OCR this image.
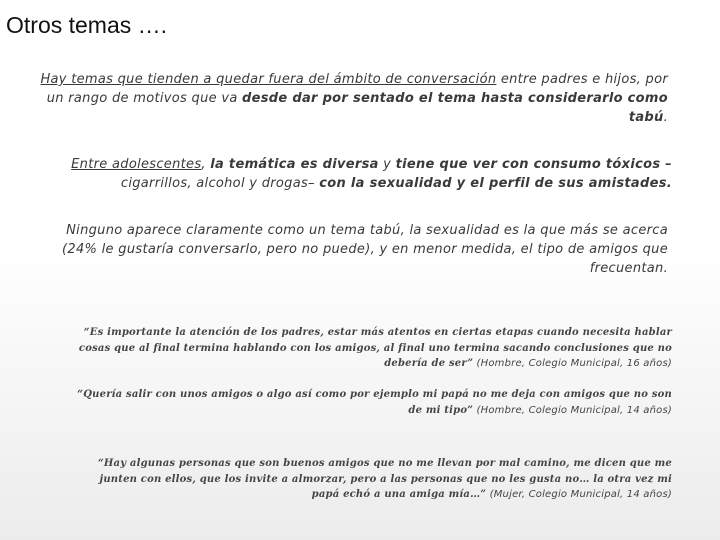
Otros temas ….
Hay temas que tienden a quedar fuera del ámbito de conversación entre padres e hijos, por un rango de motivos que va desde dar por sentado el tema hasta considerarlo como tabú.
Entre adolescentes, la temática es diversa y tiene que ver con consumo tóxicos – cigarrillos, alcohol y drogas– con la sexualidad y el perfil de sus amistades.
Ninguno aparece claramente como un tema tabú, la sexualidad es la que más se acerca (24% le gustaría conversarlo, pero no puede), y en menor medida, el tipo de amigos que frecuentan.
“Es importante la atención de los padres, estar más atentos en ciertas etapas cuando necesita hablar cosas que al final termina hablando con los amigos, al final uno termina sacando conclusiones que no debería de ser” (Hombre, Colegio Municipal, 16 años)
“Quería salir con unos amigos o algo así como por ejemplo mi papá no me deja con amigos que no son de mi tipo” (Hombre, Colegio Municipal, 14 años)
“Hay algunas personas que son buenos amigos que no me llevan por mal camino, me dicen que me junten con ellos, que los invite a almorzar, pero a las personas que no les gusta no… la otra vez mi papá echó a una amiga mía…” (Mujer, Colegio Municipal, 14 años)
